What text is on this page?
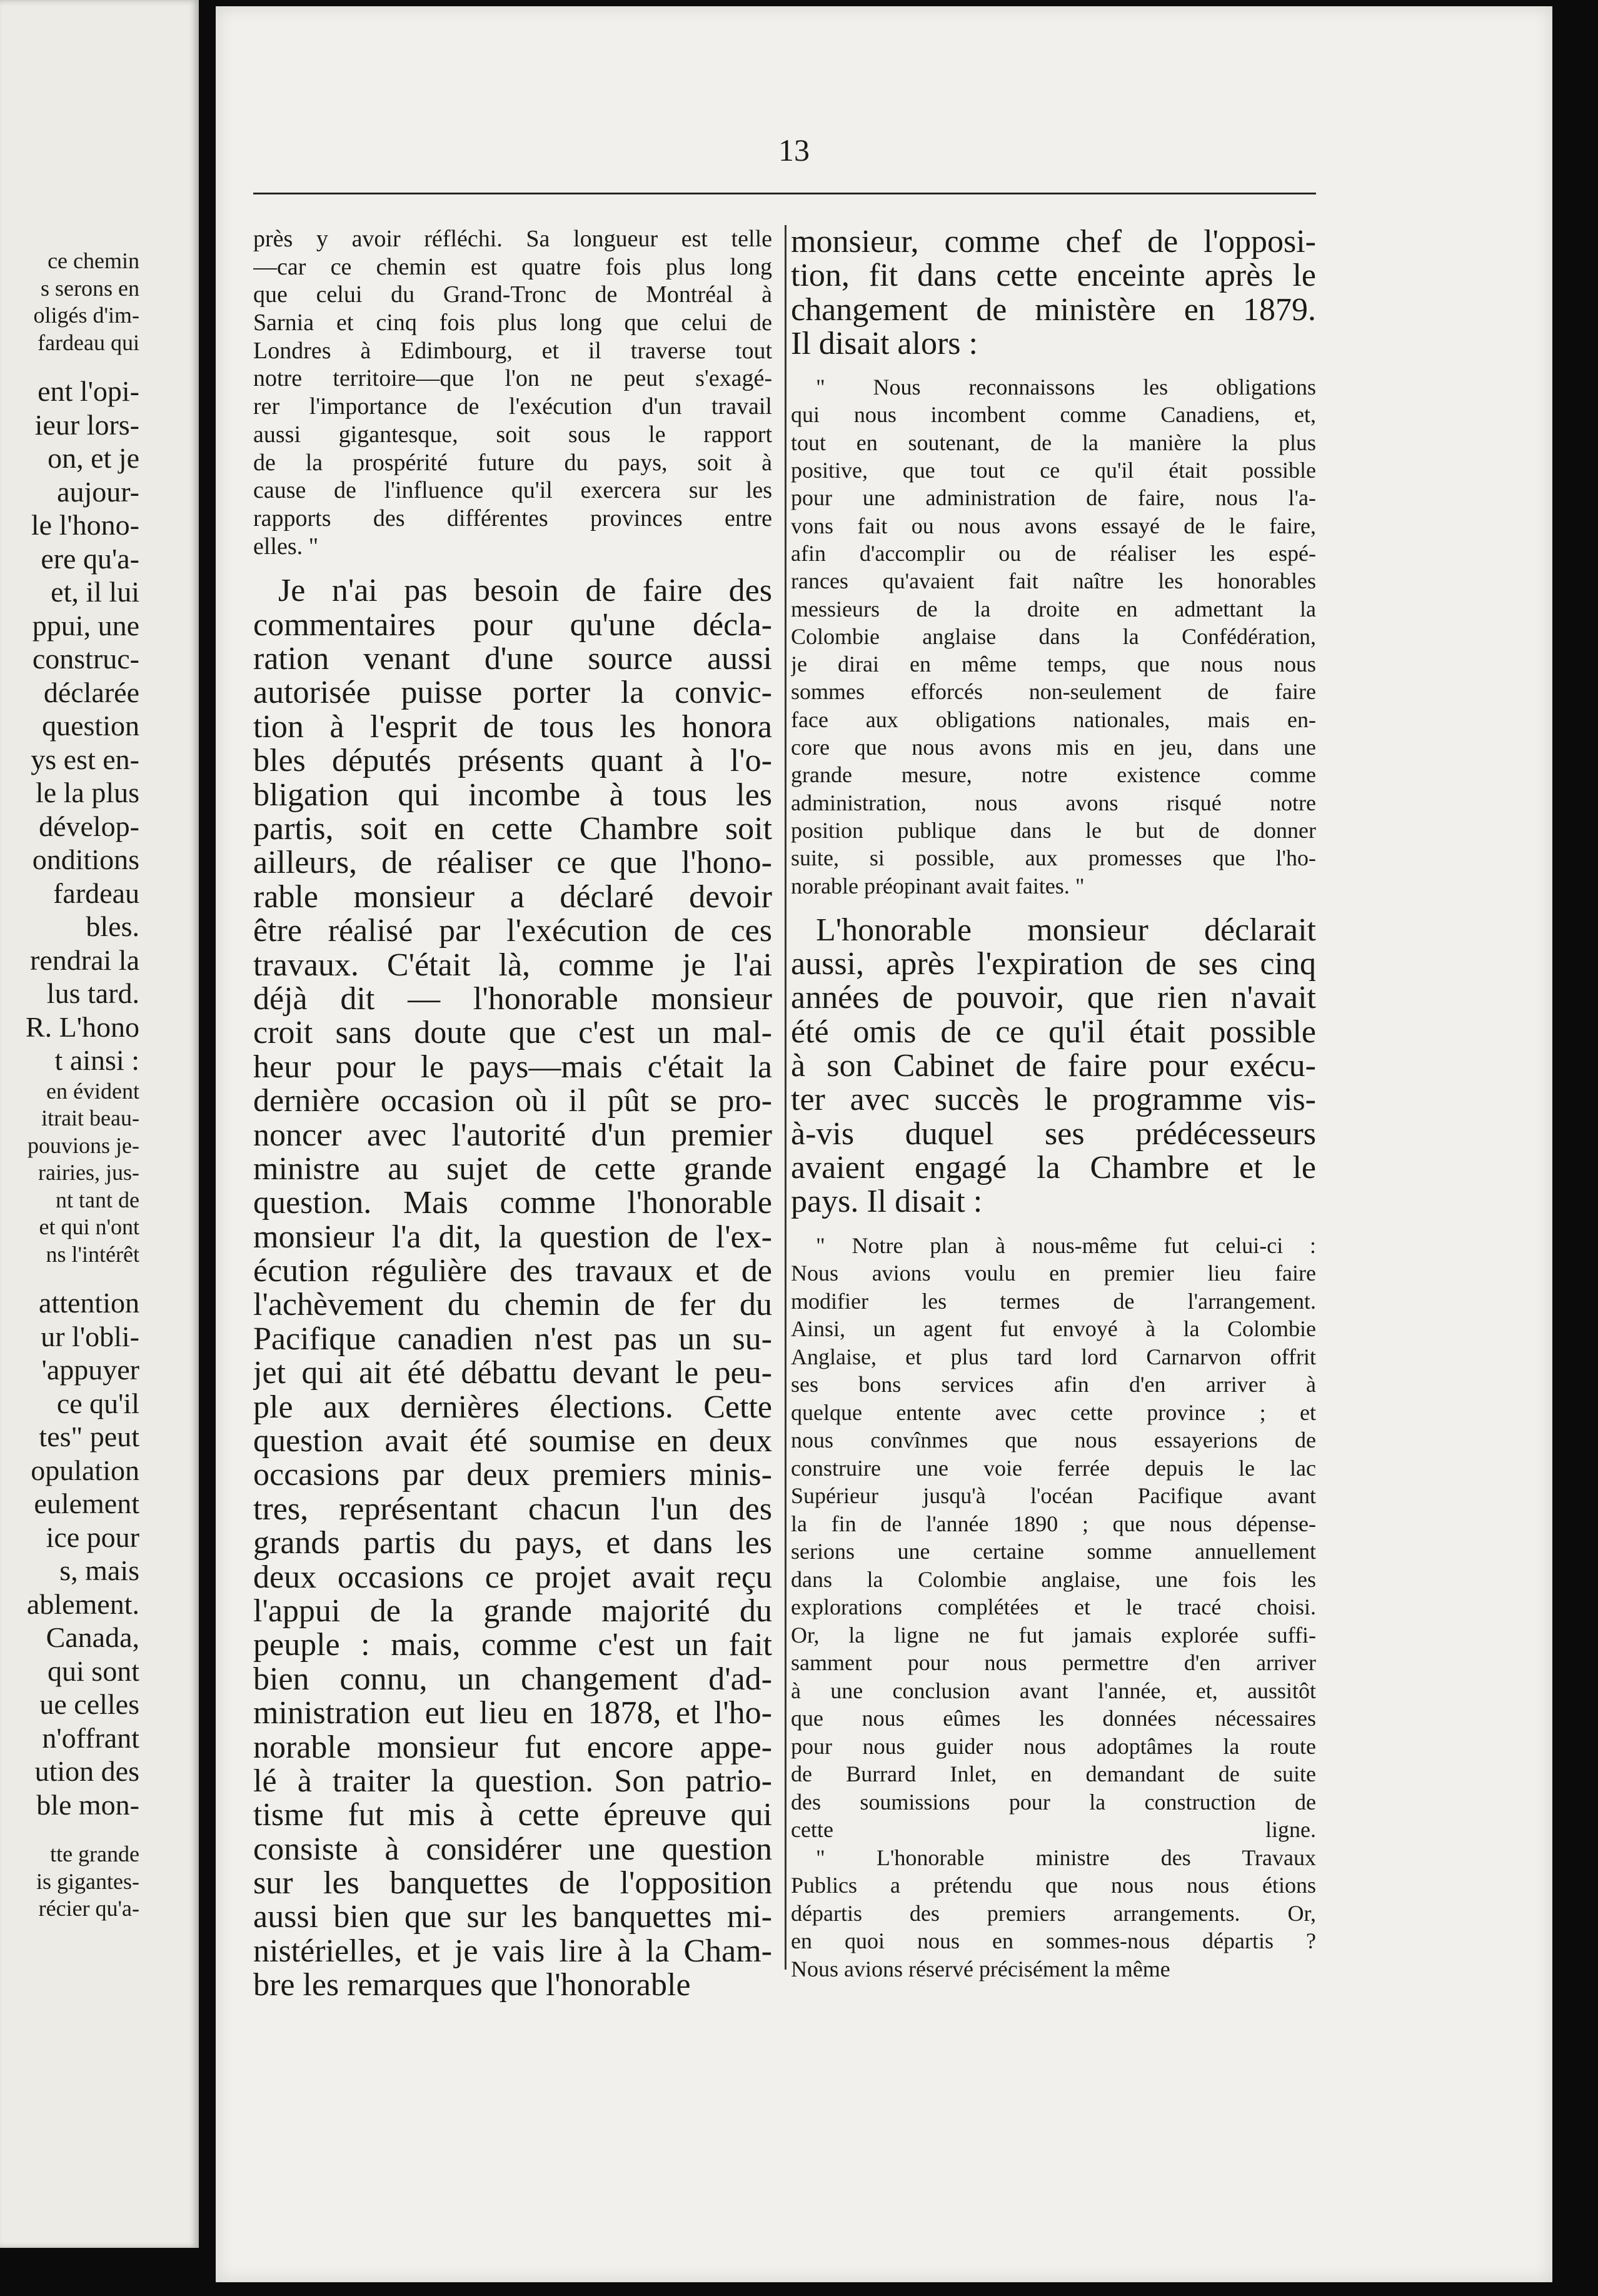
ce chemin
s serons en
oligés d'im-
fardeau qui
ent l'opi-
ieur lors-
on, et je
aujour-
le l'hono-
ere qu'a-
et, il lui
ppui, une
construc-
déclarée
question
ys est en-
le la plus
dévelop-
onditions
fardeau
bles.
rendrai la
lus tard.
R. L'hono
t ainsi :
en évident
itrait beau-
pouvions je-
rairies, jus-
nt tant de
et qui n'ont
ns l'intérêt
attention
ur l'obli-
'appuyer
ce qu'il
tes" peut
opulation
eulement
ice pour
s, mais
ablement.
Canada,
qui sont
ue celles
n'offrant
ution des
ble mon-
tte grande
is gigantes-
récier qu'a-
13
près y avoir réfléchi. Sa longueur est telle
—car ce chemin est quatre fois plus long
que celui du Grand-Tronc de Montréal à
Sarnia et cinq fois plus long que celui de
Londres à Edimbourg, et il traverse tout
notre territoire—que l'on ne peut s'exagé-
rer l'importance de l'exécution d'un travail
aussi gigantesque, soit sous le rapport
de la prospérité future du pays, soit à
cause de l'influence qu'il exercera sur les
rapports des différentes provinces entre
elles. "
Je n'ai pas besoin de faire des
commentaires pour qu'une décla-
ration venant d'une source aussi
autorisée puisse porter la convic-
tion à l'esprit de tous les honora
bles députés présents quant à l'o-
bligation qui incombe à tous les
partis, soit en cette Chambre soit
ailleurs, de réaliser ce que l'hono-
rable monsieur a déclaré devoir
être réalisé par l'exécution de ces
travaux. C'était là, comme je l'ai
déjà dit — l'honorable monsieur
croit sans doute que c'est un mal-
heur pour le pays—mais c'était la
dernière occasion où il pût se pro-
noncer avec l'autorité d'un premier
ministre au sujet de cette grande
question. Mais comme l'honorable
monsieur l'a dit, la question de l'ex-
écution régulière des travaux et de
l'achèvement du chemin de fer du
Pacifique canadien n'est pas un su-
jet qui ait été débattu devant le peu-
ple aux dernières élections. Cette
question avait été soumise en deux
occasions par deux premiers minis-
tres, représentant chacun l'un des
grands partis du pays, et dans les
deux occasions ce projet avait reçu
l'appui de la grande majorité du
peuple : mais, comme c'est un fait
bien connu, un changement d'ad-
ministration eut lieu en 1878, et l'ho-
norable monsieur fut encore appe-
lé à traiter la question. Son patrio-
tisme fut mis à cette épreuve qui
consiste à considérer une question
sur les banquettes de l'opposition
aussi bien que sur les banquettes mi-
nistérielles, et je vais lire à la Cham-
bre les remarques que l'honorable
monsieur, comme chef de l'opposi-
tion, fit dans cette enceinte après le
changement de ministère en 1879.
Il disait alors :
" Nous reconnaissons les obligations
qui nous incombent comme Canadiens, et,
tout en soutenant, de la manière la plus
positive, que tout ce qu'il était possible
pour une administration de faire, nous l'a-
vons fait ou nous avons essayé de le faire,
afin d'accomplir ou de réaliser les espé-
rances qu'avaient fait naître les honorables
messieurs de la droite en admettant la
Colombie anglaise dans la Confédération,
je dirai en même temps, que nous nous
sommes efforcés non-seulement de faire
face aux obligations nationales, mais en-
core que nous avons mis en jeu, dans une
grande mesure, notre existence comme
administration, nous avons risqué notre
position publique dans le but de donner
suite, si possible, aux promesses que l'ho-
norable préopinant avait faites. "
L'honorable monsieur déclarait
aussi, après l'expiration de ses cinq
années de pouvoir, que rien n'avait
été omis de ce qu'il était possible
à son Cabinet de faire pour exécu-
ter avec succès le programme vis-
à-vis duquel ses prédécesseurs
avaient engagé la Chambre et le
pays. Il disait :
" Notre plan à nous-même fut celui-ci :
Nous avions voulu en premier lieu faire
modifier les termes de l'arrangement.
Ainsi, un agent fut envoyé à la Colombie
Anglaise, et plus tard lord Carnarvon offrit
ses bons services afin d'en arriver à
quelque entente avec cette province ; et
nous convînmes que nous essayerions de
construire une voie ferrée depuis le lac
Supérieur jusqu'à l'océan Pacifique avant
la fin de l'année 1890 ; que nous dépense-
serions une certaine somme annuellement
dans la Colombie anglaise, une fois les
explorations complétées et le tracé choisi.
Or, la ligne ne fut jamais explorée suffi-
samment pour nous permettre d'en arriver
à une conclusion avant l'année, et, aussitôt
que nous eûmes les données nécessaires
pour nous guider nous adoptâmes la route
de Burrard Inlet, en demandant de suite
des soumissions pour la construction de
cette ligne.
" L'honorable ministre des Travaux
Publics a prétendu que nous nous étions
départis des premiers arrangements. Or,
en quoi nous en sommes-nous départis ?
Nous avions réservé précisément la même
